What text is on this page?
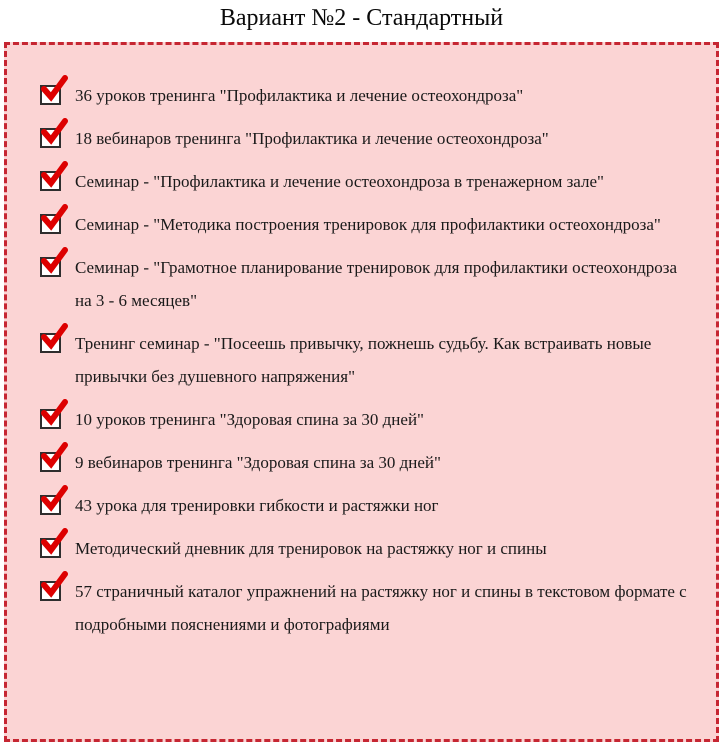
Вариант №2 - Стандартный
36 уроков тренинга "Профилактика и лечение остеохондроза"
18 вебинаров тренинга "Профилактика и лечение остеохондроза"
Семинар - "Профилактика и лечение остеохондроза в тренажерном зале"
Семинар - "Методика построения тренировок для профилактики остеохондроза"
Семинар - "Грамотное планирование тренировок для профилактики остеохондроза на 3 - 6 месяцев"
Тренинг семинар - "Посеешь привычку, пожнешь судьбу. Как встраивать новые привычки без душевного напряжения"
10 уроков тренинга "Здоровая спина за 30 дней"
9 вебинаров тренинга "Здоровая спина за 30 дней"
43 урока для тренировки гибкости и растяжки ног
Методический дневник для тренировок на растяжку ног и спины
57 страничный каталог упражнений на растяжку ног и спины в текстовом формате с подробными пояснениями и фотографиями
